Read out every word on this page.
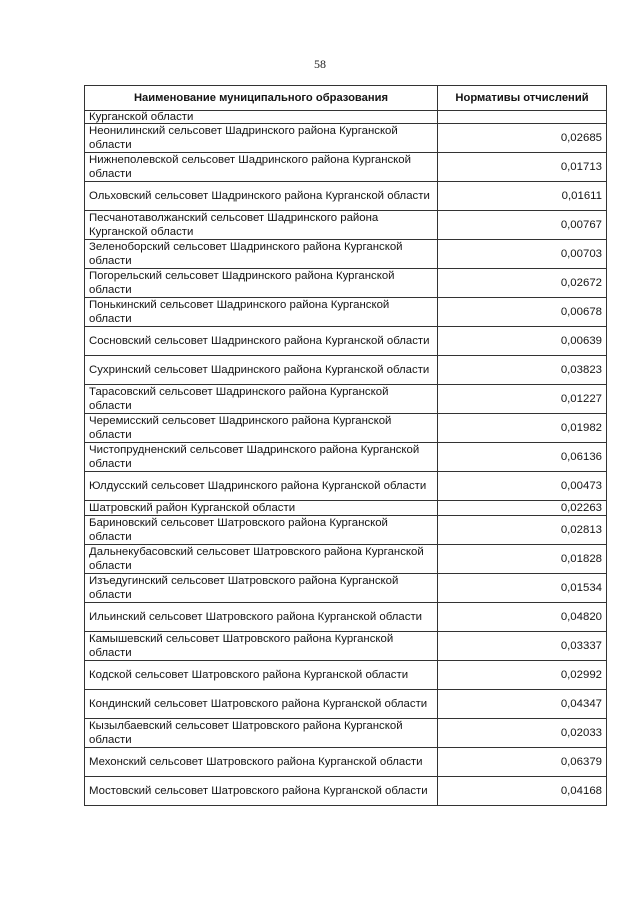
58
Наименование муниципального образования	Нормативы отчислений
Курганской области	
Неонилинский сельсовет Шадринского района Курганской области	0,02685
Нижнеполевской сельсовет Шадринского района Курганской области	0,01713
Ольховский сельсовет Шадринского района Курганской области	0,01611
Песчанотаволжанский сельсовет Шадринского района Курганской области	0,00767
Зеленоборский сельсовет Шадринского района Курганской области	0,00703
Погорельский сельсовет Шадринского района Курганской области	0,02672
Понькинский сельсовет Шадринского района Курганской области	0,00678
Сосновский сельсовет Шадринского района Курганской области	0,00639
Сухринский сельсовет Шадринского района Курганской области	0,03823
Тарасовский сельсовет Шадринского района Курганской области	0,01227
Черемисский сельсовет Шадринского района Курганской области	0,01982
Чистопрудненский сельсовет Шадринского района Курганской области	0,06136
Юлдусский сельсовет Шадринского района Курганской области	0,00473
Шатровский район Курганской области	0,02263
Бариновский сельсовет Шатровского района Курганской области	0,02813
Дальнекубасовский сельсовет Шатровского района Курганской области	0,01828
Изъедугинский сельсовет Шатровского района Курганской области	0,01534
Ильинский сельсовет Шатровского района Курганской области	0,04820
Камышевский сельсовет Шатровского района Курганской области	0,03337
Кодской сельсовет Шатровского района Курганской области	0,02992
Кондинский сельсовет Шатровского района Курганской области	0,04347
Кызылбаевский сельсовет Шатровского района Курганской области	0,02033
Мехонский сельсовет Шатровского района Курганской области	0,06379
Мостовский сельсовет Шатровского района Курганской области	0,04168
